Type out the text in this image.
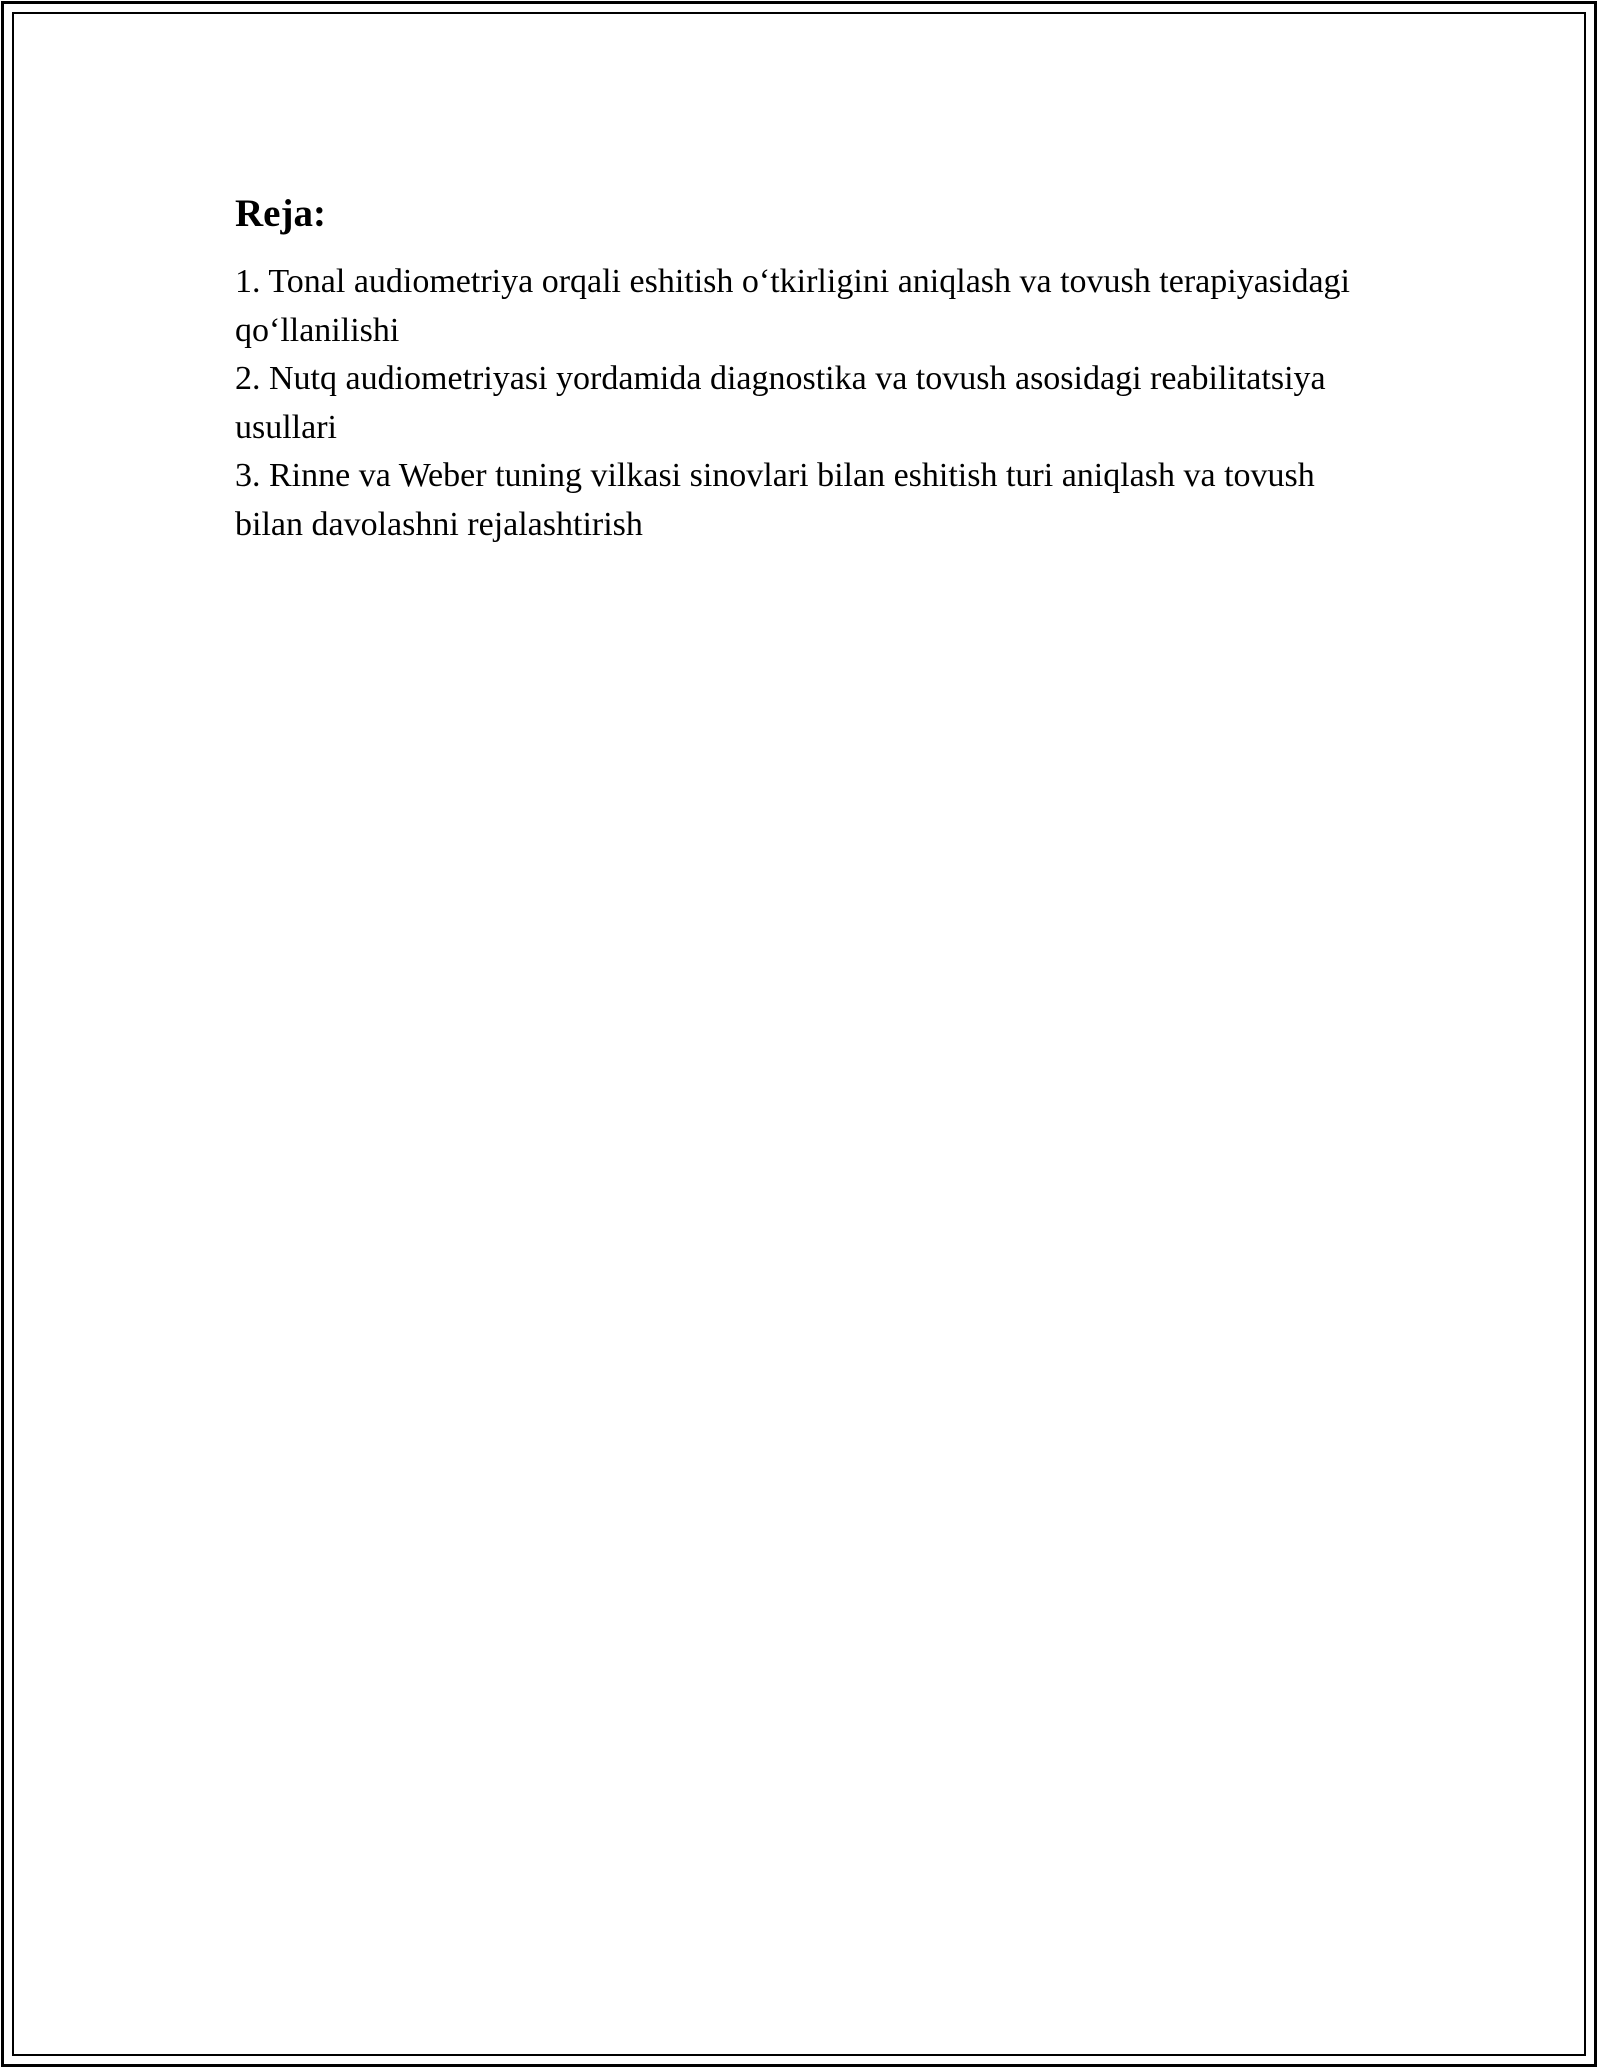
Reja:
1. Tonal audiometriya orqali eshitish o‘tkirligini aniqlash va tovush terapiyasidagi qo‘llanilishi
2. Nutq audiometriyasi yordamida diagnostika va tovush asosidagi reabilitatsiya usullari
3. Rinne va Weber tuning vilkasi sinovlari bilan eshitish turi aniqlash va tovush bilan davolashni rejalashtirish
